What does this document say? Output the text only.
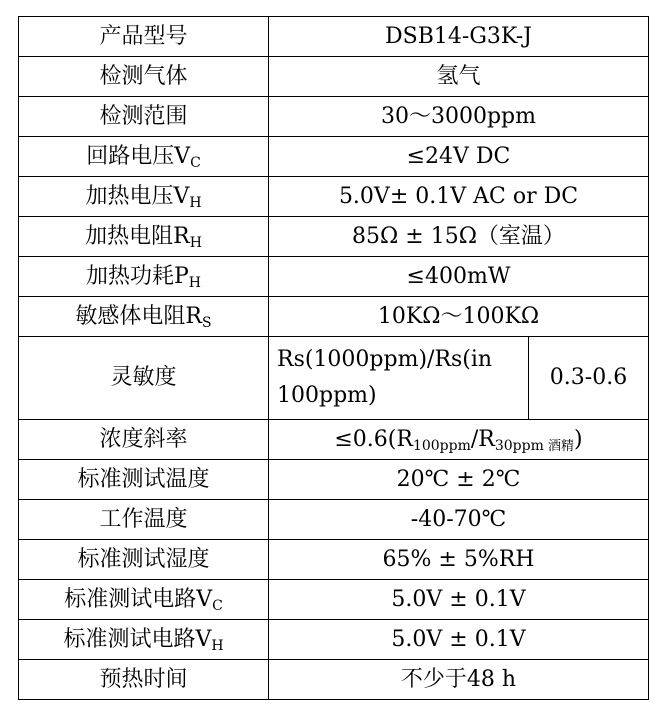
产品型号	DSB14-G3K-J	
检测气体	氢气	
检测范围	30～3000ppm	
回路电压$V_C$	≤24V DC	
加热电压$V_H$	5.0V± 0.1V AC or DC	
加热电阻$R_H$	85Ω ± 15Ω（室温）	
加热功耗$P_H$	≤400mW	
敏感体电阻$R_S$	10KΩ～100KΩ	
灵敏度	Rs(1000ppm)/Rs(in 100ppm)	0.3-0.6
浓度斜率	$\le 0.6(R_{100ppm}/R_{30ppm}$ $_{酒精}$)	
标准测试温度	20℃ ± 2℃	
工作温度	-40-70℃	
标准测试湿度	65% ± 5%RH	
标准测试电路$V_C$	5.0V ± 0.1V	
标准测试电路$V_H$	5.0V ± 0.1V	
预热时间	不少于48 h	
